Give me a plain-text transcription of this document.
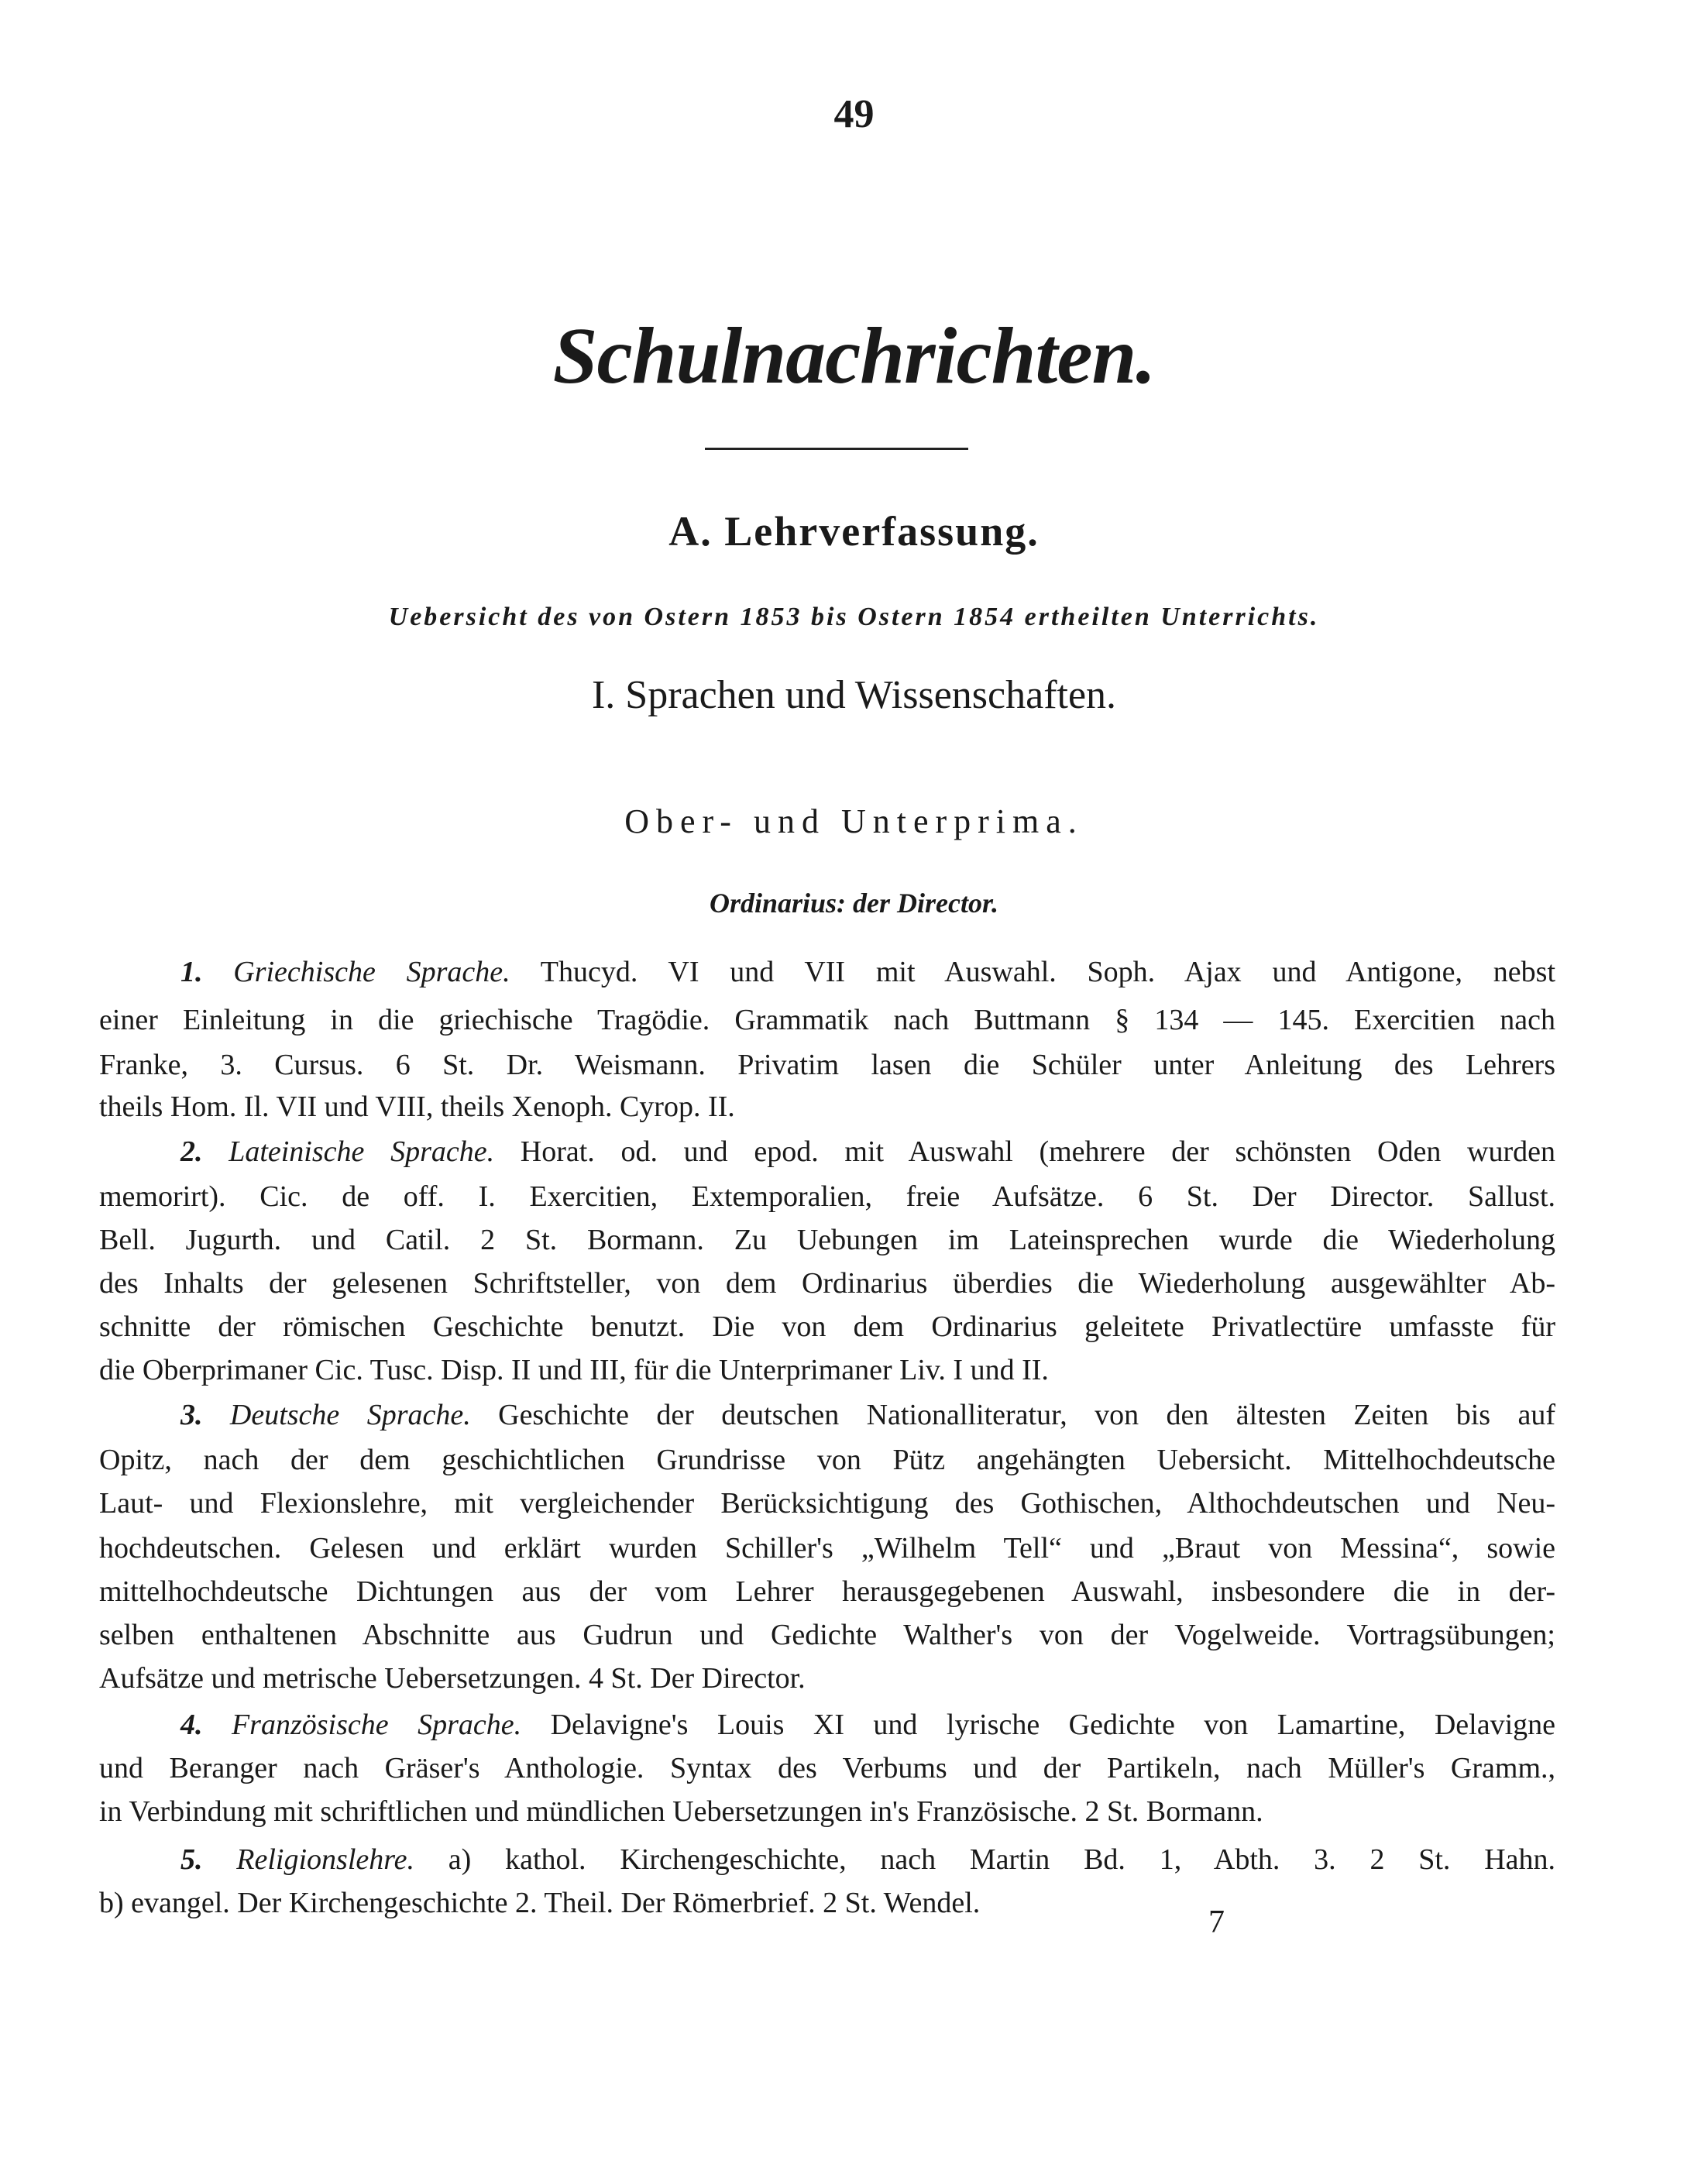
49
Schulnachrichten.
A. Lehrverfassung.
Uebersicht des von Ostern 1853 bis Ostern 1854 ertheilten Unterrichts.
I. Sprachen und Wissenschaften.
Ober- und Unterprima.
Ordinarius: der Director.
1. Griechische Sprache. Thucyd. VI und VII mit Auswahl. Soph. Ajax und Antigone, nebst
einer Einleitung in die griechische Tragödie. Grammatik nach Buttmann § 134 — 145. Exercitien nach
Franke, 3. Cursus. 6 St. Dr. Weismann. Privatim lasen die Schüler unter Anleitung des Lehrers
theils Hom. Il. VII und VIII, theils Xenoph. Cyrop. II.
2. Lateinische Sprache. Horat. od. und epod. mit Auswahl (mehrere der schönsten Oden wurden
memorirt). Cic. de off. I. Exercitien, Extemporalien, freie Aufsätze. 6 St. Der Director. Sallust.
Bell. Jugurth. und Catil. 2 St. Bormann. Zu Uebungen im Lateinsprechen wurde die Wiederholung
des Inhalts der gelesenen Schriftsteller, von dem Ordinarius überdies die Wiederholung ausgewählter Ab-
schnitte der römischen Geschichte benutzt. Die von dem Ordinarius geleitete Privatlectüre umfasste für
die Oberprimaner Cic. Tusc. Disp. II und III, für die Unterprimaner Liv. I und II.
3. Deutsche Sprache. Geschichte der deutschen Nationalliteratur, von den ältesten Zeiten bis auf
Opitz, nach der dem geschichtlichen Grundrisse von Pütz angehängten Uebersicht. Mittelhochdeutsche
Laut- und Flexionslehre, mit vergleichender Berücksichtigung des Gothischen, Althochdeutschen und Neu-
hochdeutschen. Gelesen und erklärt wurden Schiller's „Wilhelm Tell“ und „Braut von Messina“, sowie
mittelhochdeutsche Dichtungen aus der vom Lehrer herausgegebenen Auswahl, insbesondere die in der-
selben enthaltenen Abschnitte aus Gudrun und Gedichte Walther's von der Vogelweide. Vortragsübungen;
Aufsätze und metrische Uebersetzungen. 4 St. Der Director.
4. Französische Sprache. Delavigne's Louis XI und lyrische Gedichte von Lamartine, Delavigne
und Beranger nach Gräser's Anthologie. Syntax des Verbums und der Partikeln, nach Müller's Gramm.,
in Verbindung mit schriftlichen und mündlichen Uebersetzungen in's Französische. 2 St. Bormann.
5. Religionslehre. a) kathol. Kirchengeschichte, nach Martin Bd. 1, Abth. 3. 2 St. Hahn.
b) evangel. Der Kirchengeschichte 2. Theil. Der Römerbrief. 2 St. Wendel.
7
